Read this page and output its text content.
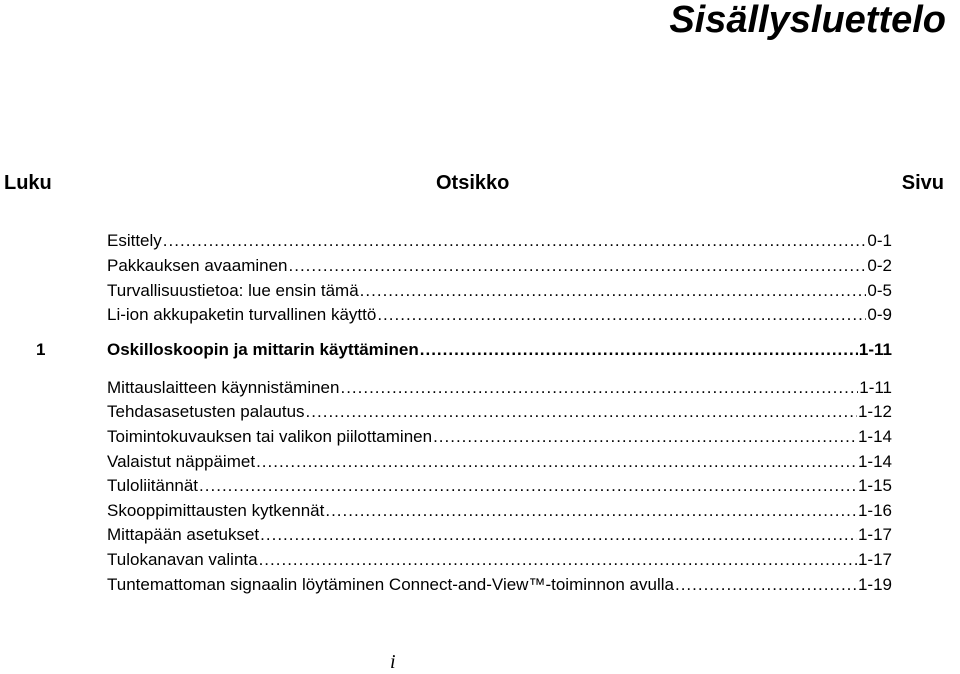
Sisällysluettelo
Luku	Otsikko	Sivu
Esittely .....	0-1
Pakkauksen avaaminen .....	0-2
Turvallisuustietoa: lue ensin tämä .....	0-5
Li-ion akkupaketin turvallinen käyttö .....	0-9
1	Oskilloskoopin ja mittarin käyttäminen .....	1-11
Mittauslaitteen käynnistäminen .....	1-11
Tehdasasetusten palautus .....	1-12
Toimintokuvauksen tai valikon piilottaminen .....	1-14
Valaistut näppäimet .....	1-14
Tuloliitännät .....	1-15
Skooppimittausten kytkennät .....	1-16
Mittapään asetukset .....	1-17
Tulokanavan valinta .....	1-17
Tuntemattoman signaalin löytäminen Connect-and-View™-toiminnon avulla .....	1-19
i
